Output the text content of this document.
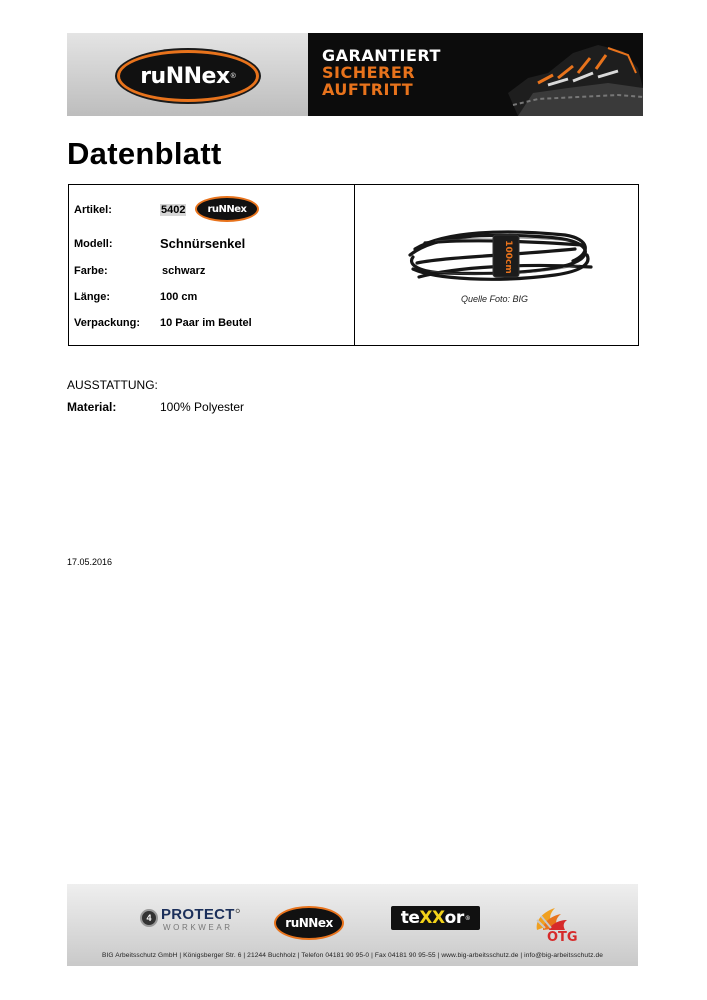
ruNNex ®
GARANTIERT
SICHERER
AUFTRITT
Datenblatt
Artikel:	5402 ruNNex
Modell:	Schnürsenkel
Farbe:	schwarz
Länge:	100 cm
Verpackung: 10 Paar im Beutel
100cm
Quelle Foto: BIG
AUSSTATTUNG:
Material:	100% Polyester
17.05.2016
4 PROTECT°
WORKWEAR	ruNNex	te XX or ®
OTG
BIG Arbeitsschutz GmbH | Königsberger Str. 6 | 21244 Buchholz | Telefon 04181 90 95-0 | Fax 04181 90 95-55 | www.big-arbeitsschutz.de | info@big-arbeitsschutz.de
